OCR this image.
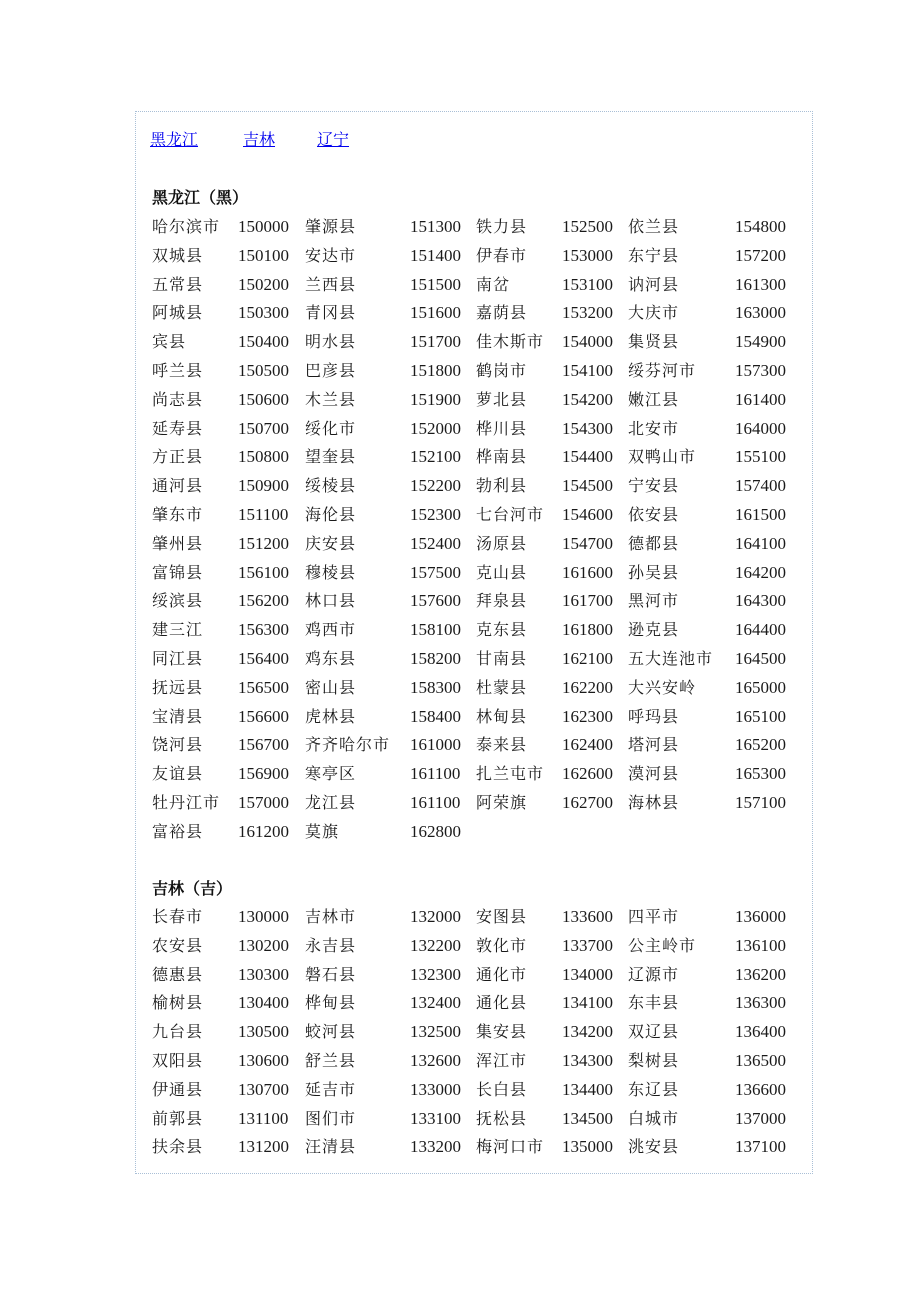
黑龙江	吉林	辽宁
黑龙江（黑）
哈尔滨市 150000 肇源县	151300 铁力县 152500 依兰县	154800
双城县 150100 安达市	151400 伊春市 153000 东宁县	157200
五常县 150200 兰西县	151500 南岔	153100 讷河县	161300
阿城县 150300 青冈县	151600 嘉荫县 153200 大庆市	163000
宾县	150400 明水县	151700 佳木斯市 154000 集贤县	154900
呼兰县 150500 巴彦县	151800 鹤岗市 154100 绥芬河市 157300
尚志县 150600 木兰县	151900 萝北县 154200 嫩江县	161400
延寿县 150700 绥化市	152000 桦川县 154300 北安市	164000
方正县 150800 望奎县	152100 桦南县 154400 双鸭山市 155100
通河县 150900 绥棱县	152200 勃利县 154500 宁安县	157400
肇东市 151100 海伦县	152300 七台河市 154600 依安县	161500
肇州县 151200 庆安县	152400 汤原县 154700 德都县	164100
富锦县 156100 穆棱县	157500 克山县 161600 孙吴县	164200
绥滨县 156200 林口县	157600 拜泉县 161700 黑河市	164300
建三江 156300 鸡西市	158100 克东县 161800 逊克县	164400
同江县 156400 鸡东县	158200 甘南县 162100 五大连池市 164500
抚远县 156500 密山县	158300 杜蒙县 162200 大兴安岭 165000
宝清县 156600 虎林县	158400 林甸县 162300 呼玛县	165100
饶河县 156700 齐齐哈尔市 161000 泰来县 162400 塔河县	165200
友谊县 156900 寒亭区	161100 扎兰屯市 162600 漠河县	165300
牡丹江市 157000 龙江县	161100 阿荣旗 162700 海林县	157100
富裕县 161200 莫旗	162800
吉林（吉）
长春市 130000 吉林市	132000 安图县 133600 四平市	136000
农安县 130200 永吉县	132200 敦化市 133700 公主岭市 136100
德惠县 130300 磐石县	132300 通化市 134000 辽源市	136200
榆树县 130400 桦甸县	132400 通化县 134100 东丰县	136300
九台县 130500 蛟河县	132500 集安县 134200 双辽县	136400
双阳县 130600 舒兰县	132600 浑江市 134300 梨树县	136500
伊通县 130700 延吉市	133000 长白县 134400 东辽县	136600
前郭县 131100 图们市	133100 抚松县 134500 白城市	137000
扶余县 131200 汪清县	133200 梅河口市 135000 洮安县	137100
